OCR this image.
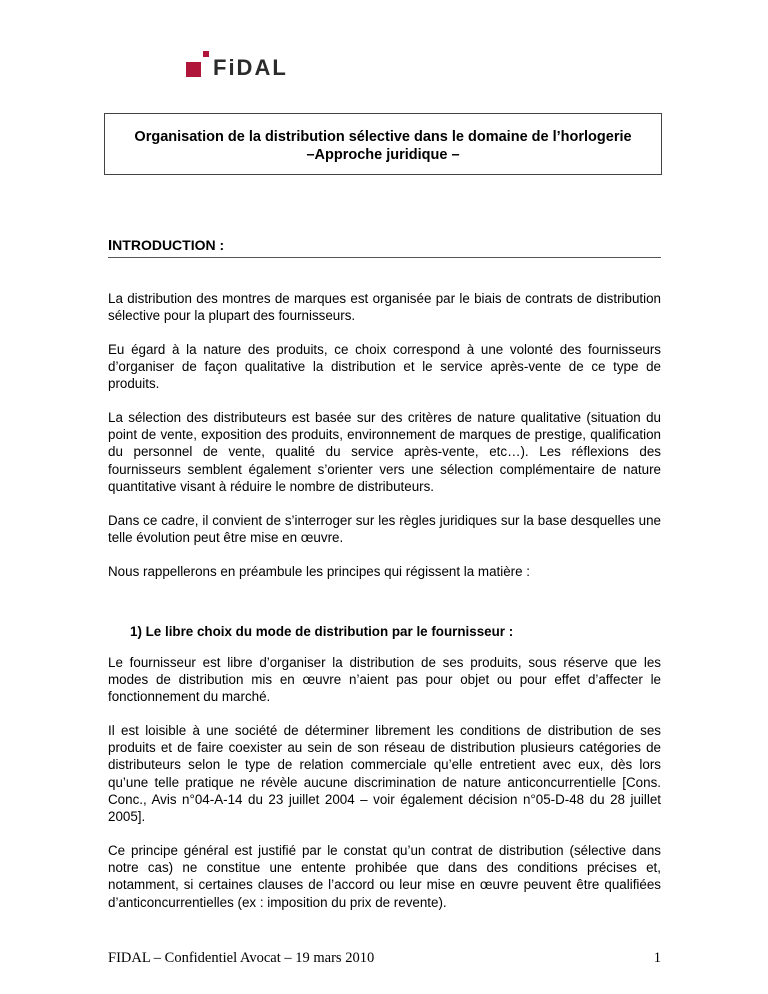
FiDAL
Organisation de la distribution sélective dans le domaine de l’horlogerie
–Approche juridique –
INTRODUCTION :

La distribution des montres de marques est organisée par le biais de contrats de distribution sélective pour la plupart des fournisseurs.

Eu égard à la nature des produits, ce choix correspond à une volonté des fournisseurs d’organiser de façon qualitative la distribution et le service après-vente de ce type de produits.

La sélection des distributeurs est basée sur des critères de nature qualitative (situation du point de vente, exposition des produits, environnement de marques de prestige, qualification du personnel de vente, qualité du service après-vente, etc…). Les réflexions des fournisseurs semblent également s’orienter vers une sélection complémentaire de nature quantitative visant à réduire le nombre de distributeurs.

Dans ce cadre, il convient de s’interroger sur les règles juridiques sur la base desquelles une telle évolution peut être mise en œuvre.

Nous rappellerons en préambule les principes qui régissent la matière :

1) Le libre choix du mode de distribution par le fournisseur :

Le fournisseur est libre d’organiser la distribution de ses produits, sous réserve que les modes de distribution mis en œuvre n’aient pas pour objet ou pour effet d’affecter le fonctionnement du marché.

Il est loisible à une société de déterminer librement les conditions de distribution de ses produits et de faire coexister au sein de son réseau de distribution plusieurs catégories de distributeurs selon le type de relation commerciale qu’elle entretient avec eux, dès lors qu’une telle pratique ne révèle aucune discrimination de nature anticoncurrentielle [Cons. Conc., Avis n°04-A-14 du 23 juillet 2004 – voir également décision n°05-D-48 du 28 juillet 2005].

Ce principe général est justifié par le constat qu’un contrat de distribution (sélective dans notre cas) ne constitue une entente prohibée que dans des conditions précises et, notamment, si certaines clauses de l’accord ou leur mise en œuvre peuvent être qualifiées d’anticoncurrentielles (ex : imposition du prix de revente).

FIDAL – Confidentiel Avocat – 19 mars 2010	1
